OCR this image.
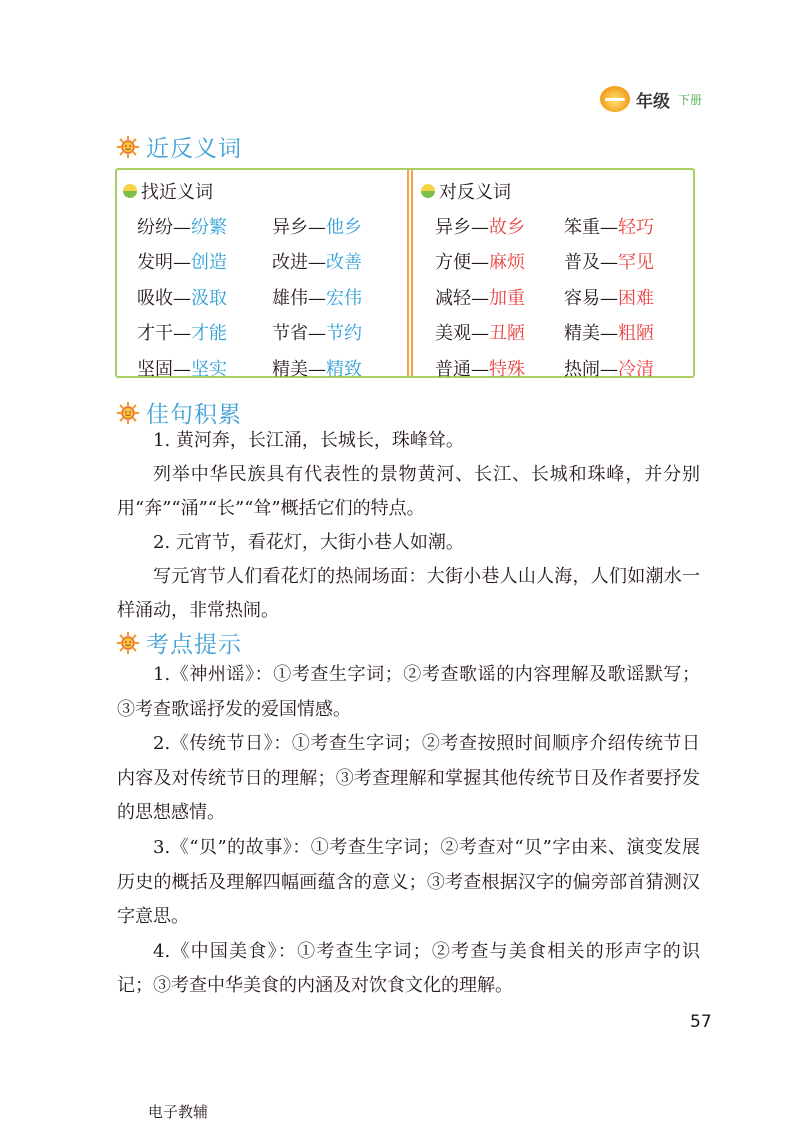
年级 下册
近反义词
找近义词
纷纷—纷繁	异乡—他乡
发明—创造	改进—改善
吸收—汲取	雄伟—宏伟
才干—才能	节省—节约
坚固—坚实	精美—精致
对反义词
异乡—故乡	笨重—轻巧
方便—麻烦	普及—罕见
减轻—加重	容易—困难
美观—丑陋	精美—粗陋
普通—特殊	热闹—冷清
佳句积累

1. 黄河奔，长江涌，长城长，珠峰耸。

列举中华民族具有代表性的景物黄河、长江、长城和珠峰，并分别用“奔”“涌”“长”“耸”概括它们的特点。

2. 元宵节，看花灯，大街小巷人如潮。

写元宵节人们看花灯的热闹场面：大街小巷人山人海，人们如潮水一样涌动，非常热闹。

考点提示

1.《神州谣》：①考查生字词；②考查歌谣的内容理解及歌谣默写；③考查歌谣抒发的爱国情感。

2.《传统节日》：①考查生字词；②考查按照时间顺序介绍传统节日内容及对传统节日的理解；③考查理解和掌握其他传统节日及作者要抒发的思想感情。

3.《“贝”的故事》：①考查生字词；②考查对“贝”字由来、演变发展历史的概括及理解四幅画蕴含的意义；③考查根据汉字的偏旁部首猜测汉字意思。

4.《中国美食》：①考查生字词；②考查与美食相关的形声字的识记；③考查中华美食的内涵及对饮食文化的理解。

57
电子教辅
